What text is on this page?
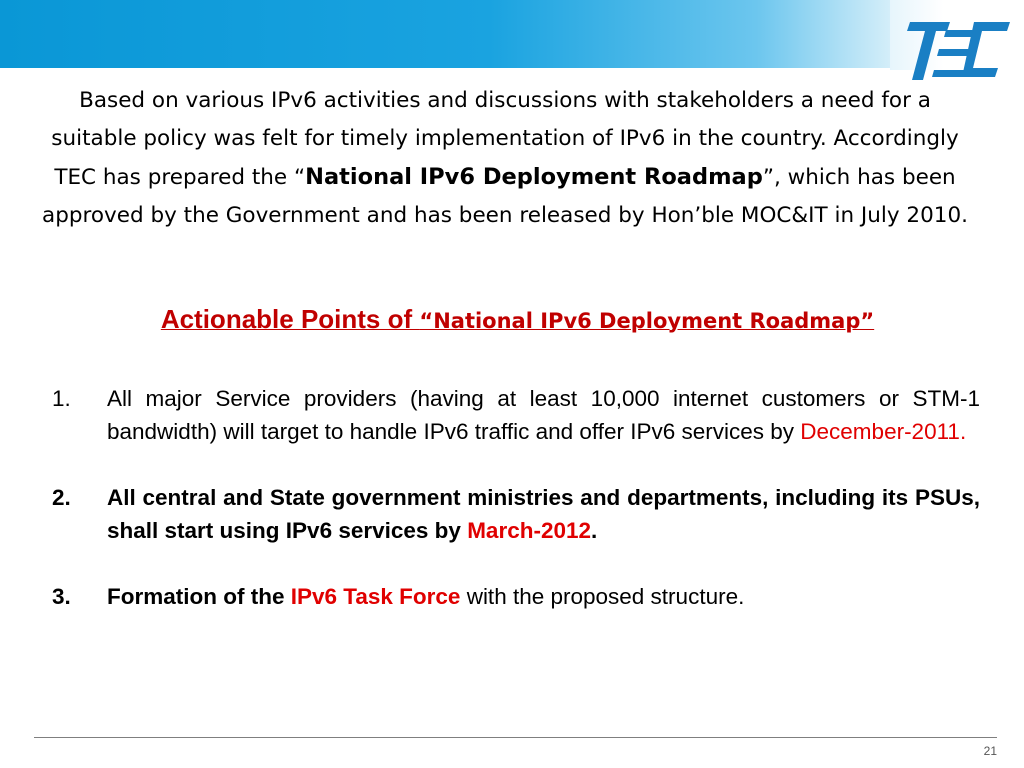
Based on various IPv6 activities and discussions with stakeholders a need for a suitable policy was felt for timely implementation of IPv6 in the country. Accordingly TEC has prepared the “National IPv6 Deployment Roadmap”, which has been approved by the Government and has been released by Hon’ble MOC&IT in July 2010.
Actionable Points of “National IPv6 Deployment Roadmap”
1.	All major Service providers (having at least 10,000 internet customers or STM-1 bandwidth) will target to handle IPv6 traffic and offer IPv6 services by December-2011.
2.	All central and State government ministries and departments, including its PSUs, shall start using IPv6 services by March-2012.
3.	Formation of the IPv6 Task Force with the proposed structure.
21
